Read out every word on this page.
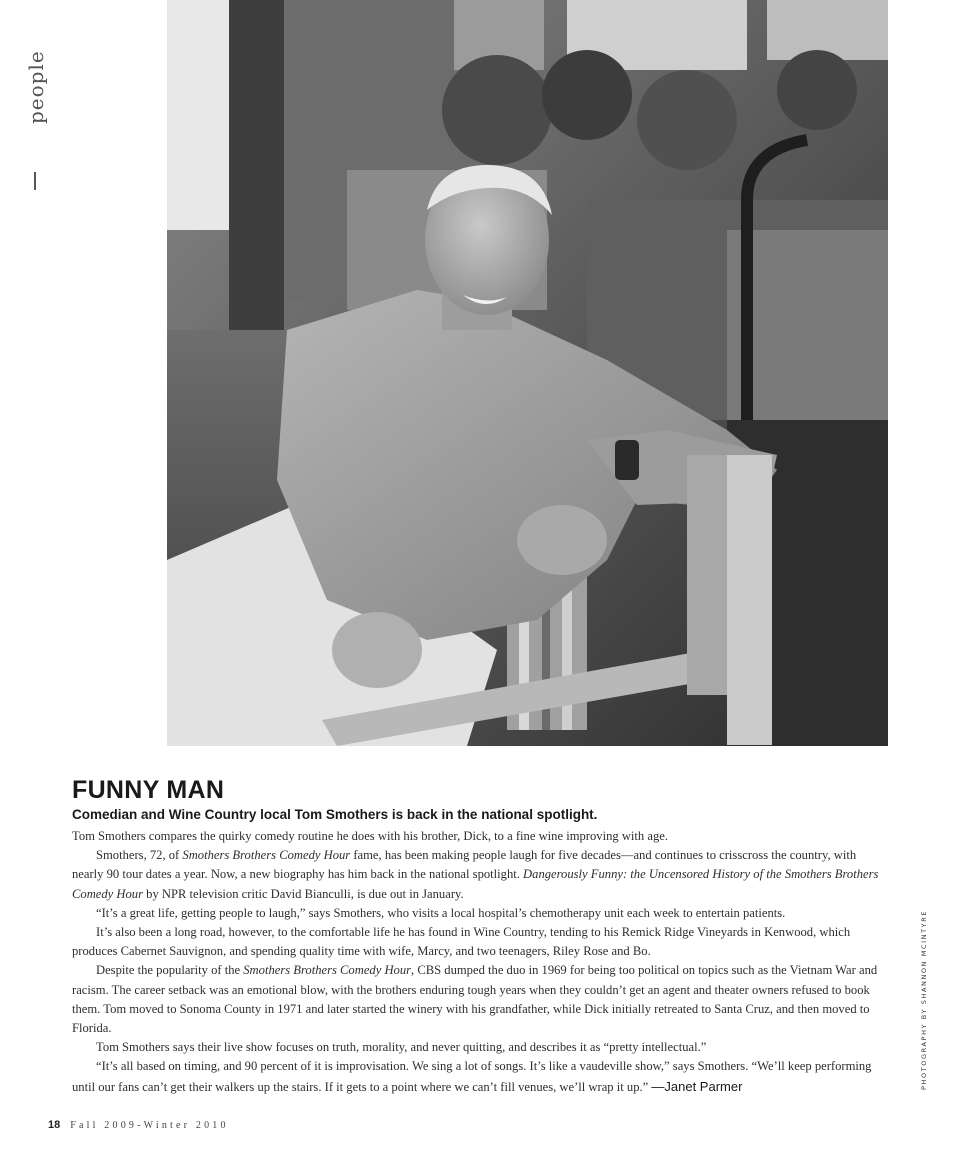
people
PHOTOGRAPHY BY SHANNON MCINTYRE
FUNNY MAN
Comedian and Wine Country local Tom Smothers is back in the national spotlight.

Tom Smothers compares the quirky comedy routine he does with his brother, Dick, to a fine wine improving with age.

Smothers, 72, of Smothers Brothers Comedy Hour fame, has been making people laugh for five decades—and continues to crisscross the country, with nearly 90 tour dates a year. Now, a new biography has him back in the national spotlight. Dangerously Funny: the Uncensored History of the Smothers Brothers Comedy Hour by NPR television critic David Bianculli, is due out in January.

“It’s a great life, getting people to laugh,” says Smothers, who visits a local hospital’s chemotherapy unit each week to entertain patients.

It’s also been a long road, however, to the comfortable life he has found in Wine Country, tending to his Remick Ridge Vineyards in Kenwood, which produces Cabernet Sauvignon, and spending quality time with wife, Marcy, and two teenagers, Riley Rose and Bo.

Despite the popularity of the Smothers Brothers Comedy Hour, CBS dumped the duo in 1969 for being too political on topics such as the Vietnam War and racism. The career setback was an emotional blow, with the brothers enduring tough years when they couldn’t get an agent and theater owners refused to book them. Tom moved to Sonoma County in 1971 and later started the winery with his grandfather, while Dick initially retreated to Santa Cruz, and then moved to Florida.

Tom Smothers says their live show focuses on truth, morality, and never quitting, and describes it as “pretty intellectual.”

“It’s all based on timing, and 90 percent of it is improvisation. We sing a lot of songs. It’s like a vaudeville show,” says Smothers. “We’ll keep performing until our fans can’t get their walkers up the stairs. If it gets to a point where we can’t fill venues, we’ll wrap it up.” —Janet Parmer

18 Fall 2009-Winter 2010
